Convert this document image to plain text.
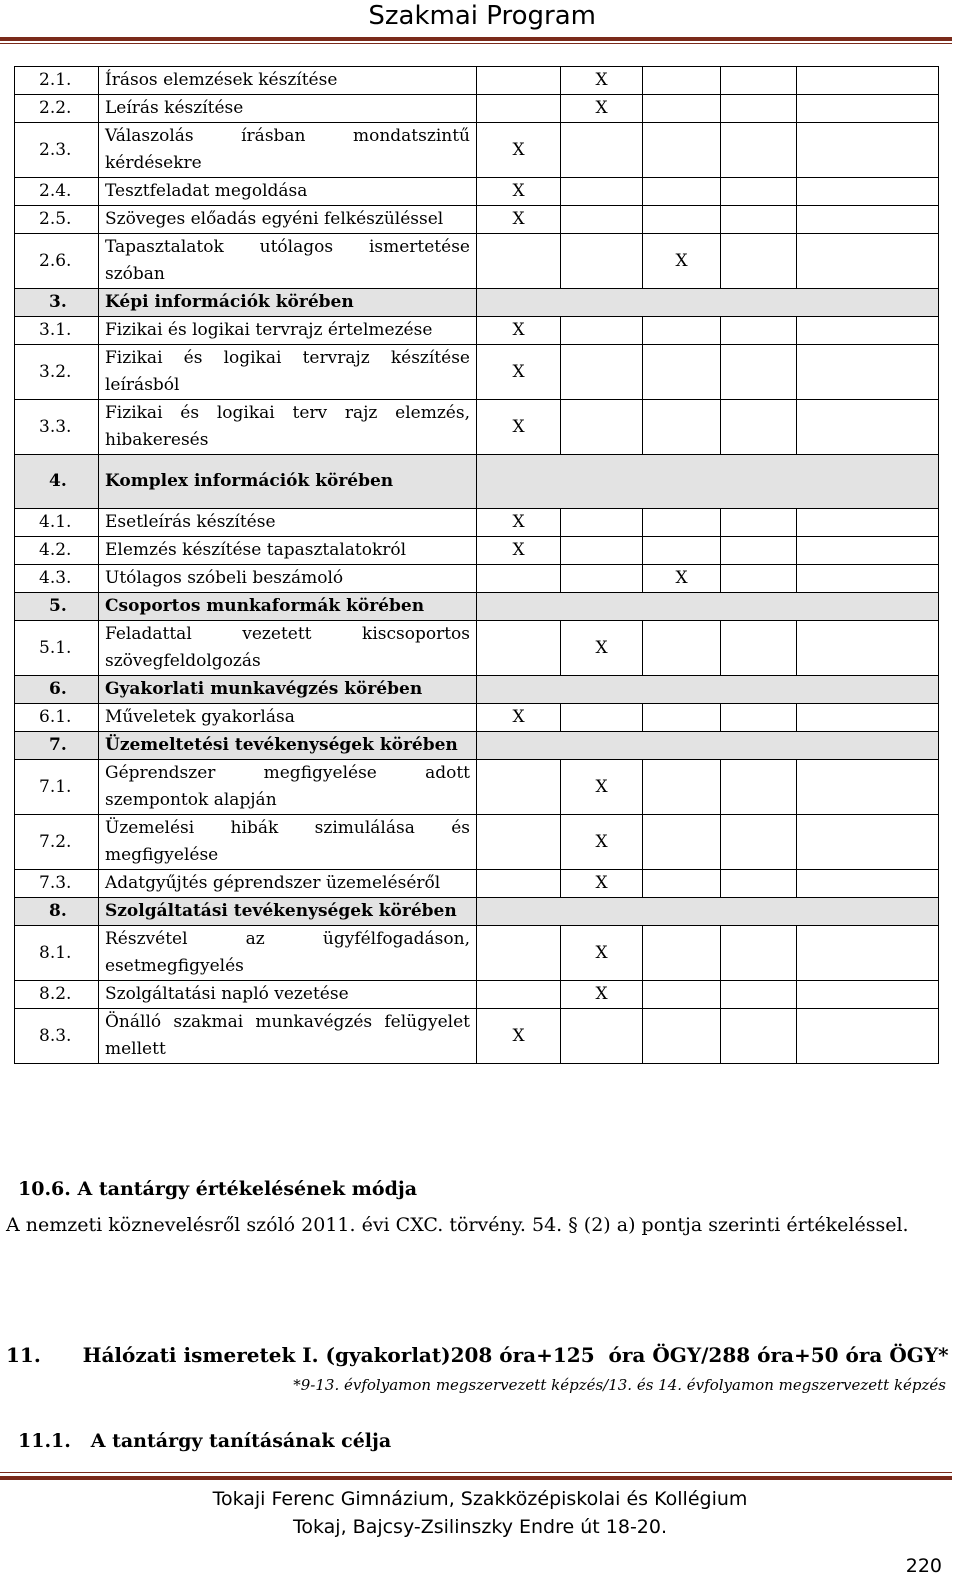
Szakmai Program
2.1.	Írásos elemzések készítése		X			
2.2.	Leírás készítése		X			
2.3.	Válaszolás írásban mondatszintű kérdésekre	X				
2.4.	Tesztfeladat megoldása	X				
2.5.	Szöveges előadás egyéni felkészüléssel	X				
2.6.	Tapasztalatok utólagos ismertetése szóban			X		
3.	Képi információk körében					
3.1.	Fizikai és logikai tervrajz értelmezése	X				
3.2.	Fizikai és logikai tervrajz készítése leírásból	X				
3.3.	Fizikai és logikai terv rajz elemzés, hibakeresés	X				
4.	Komplex információk körében					
4.1.	Esetleírás készítése	X				
4.2.	Elemzés készítése tapasztalatokról	X				
4.3.	Utólagos szóbeli beszámoló			X		
5.	Csoportos munkaformák körében					
5.1.	Feladattal vezetett kiscsoportos szövegfeldolgozás		X			
6.	Gyakorlati munkavégzés körében					
6.1.	Műveletek gyakorlása	X				
7.	Üzemeltetési tevékenységek körében					
7.1.	Géprendszer megfigyelése adott szempontok alapján		X			
7.2.	Üzemelési hibák szimulálása és megfigyelése		X			
7.3.	Adatgyűjtés géprendszer üzemeléséről		X			
8.	Szolgáltatási tevékenységek körében					
8.1.	Részvétel az ügyfélfogadáson, esetmegfigyelés		X			
8.2.	Szolgáltatási napló vezetése		X			
8.3.	Önálló szakmai munkavégzés felügyelet mellett	X				
10.6. A tantárgy értékelésének módja
A nemzeti köznevelésről szóló 2011. évi CXC. törvény. 54. § (2) a) pontja szerinti értékeléssel.
11.      Hálózati ismeretek I. (gyakorlat)208 óra+125  óra ÖGY/288 óra+50 óra ÖGY*
*9-13. évfolyamon megszervezett képzés/13. és 14. évfolyamon megszervezett képzés
11.1.   A tantárgy tanításának célja
Tokaji Ferenc Gimnázium, Szakközépiskolai és Kollégium
Tokaj, Bajcsy-Zsilinszky Endre út 18-20.
220
